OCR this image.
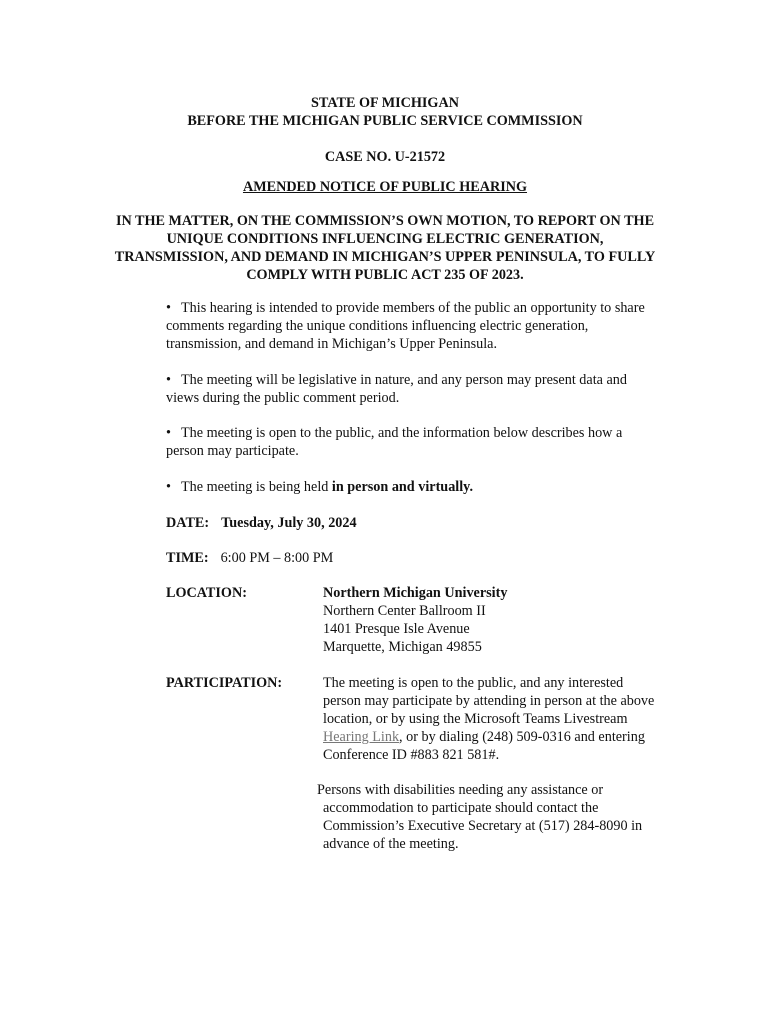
STATE OF MICHIGAN
BEFORE THE MICHIGAN PUBLIC SERVICE COMMISSION
CASE NO. U-21572
AMENDED NOTICE OF PUBLIC HEARING
IN THE MATTER, ON THE COMMISSION’S OWN MOTION, TO REPORT ON THE
UNIQUE CONDITIONS INFLUENCING ELECTRIC GENERATION,
TRANSMISSION, AND DEMAND IN MICHIGAN’S UPPER PENINSULA, TO FULLY
COMPLY WITH PUBLIC ACT 235 OF 2023.
• This hearing is intended to provide members of the public an opportunity to share
comments regarding the unique conditions influencing electric generation,
transmission, and demand in Michigan’s Upper Peninsula.
• The meeting will be legislative in nature, and any person may present data and
views during the public comment period.
• The meeting is open to the public, and the information below describes how a
person may participate.
• The meeting is being held in person and virtually.
DATE: Tuesday, July 30, 2024
TIME: 6:00 PM – 8:00 PM
LOCATION:	Northern Michigan University
Northern Center Ballroom II
1401 Presque Isle Avenue
Marquette, Michigan 49855
PARTICIPATION:	The meeting is open to the public, and any interested
person may participate by attending in person at the above
location, or by using the Microsoft Teams Livestream
Hearing Link, or by dialing (248) 509-0316 and entering
Conference ID #883 821 581#.
Persons with disabilities needing any assistance or
accommodation to participate should contact the
Commission’s Executive Secretary at (517) 284-8090 in
advance of the meeting.
